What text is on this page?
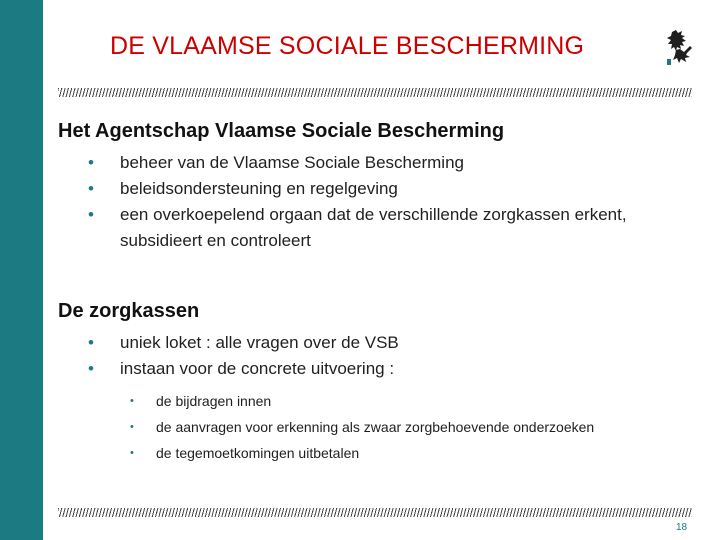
DE VLAAMSE SOCIALE BESCHERMING
Het Agentschap Vlaamse Sociale Bescherming
• beheer van de Vlaamse Sociale Bescherming
• beleidsondersteuning en regelgeving
• een overkoepelend orgaan dat de verschillende zorgkassen erkent, subsidieert en controleert
De zorgkassen
• uniek loket : alle vragen over de VSB
• instaan voor de concrete uitvoering :
• de bijdragen innen
• de aanvragen voor erkenning als zwaar zorgbehoevende onderzoeken
• de tegemoetkomingen uitbetalen
18
